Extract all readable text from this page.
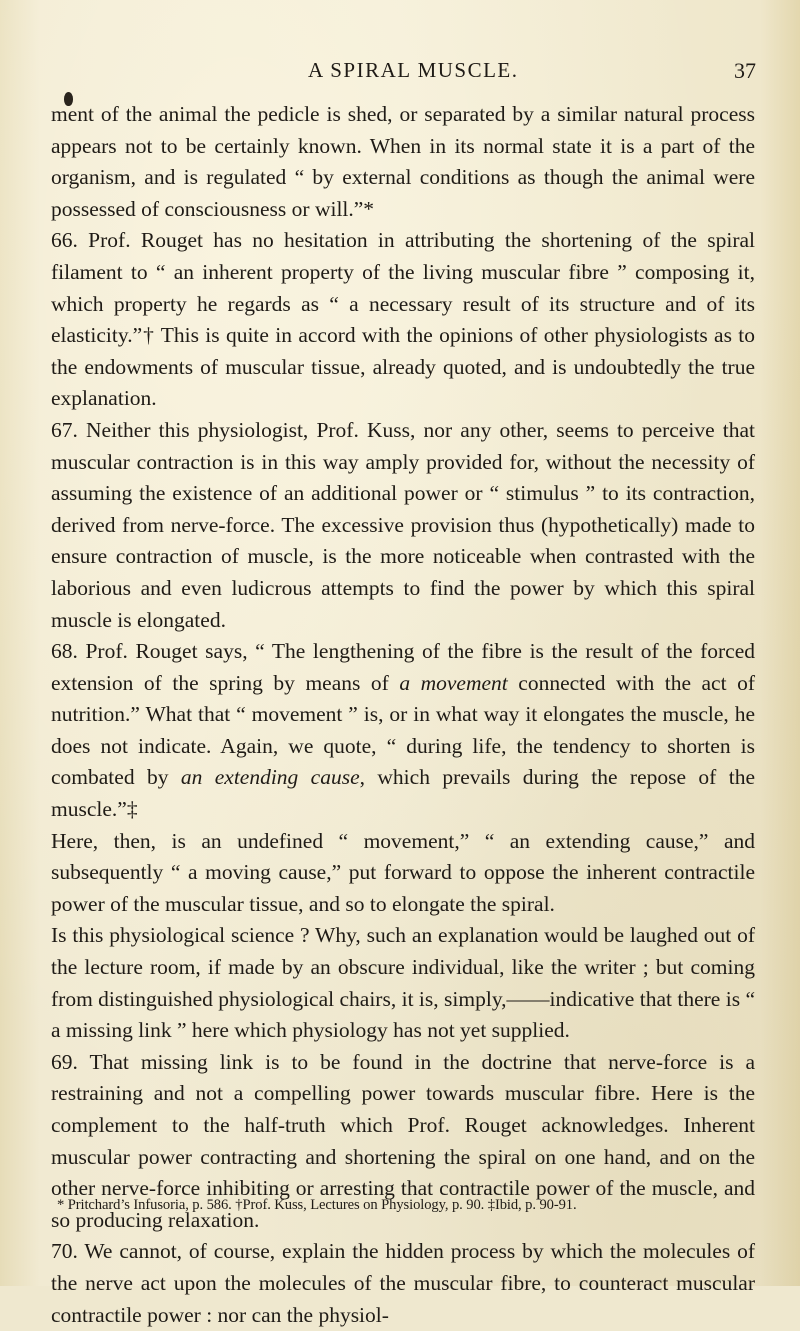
A SPIRAL MUSCLE.	37

ment of the animal the pedicle is shed, or separated by a similar natural process appears not to be certainly known. When in its normal state it is a part of the organism, and is regulated “ by external conditions as though the animal were possessed of consciousness or will.”*

66. Prof. Rouget has no hesitation in attributing the shortening of the spiral filament to “ an inherent property of the living muscular fibre ” composing it, which property he regards as “ a necessary result of its structure and of its elasticity.”† This is quite in accord with the opinions of other physiologists as to the endowments of muscular tissue, already quoted, and is undoubtedly the true explanation.

67. Neither this physiologist, Prof. Kuss, nor any other, seems to perceive that muscular contraction is in this way amply provided for, without the necessity of assuming the existence of an additional power or “ stimulus ” to its contraction, derived from nerve-force. The excessive provision thus (hypothetically) made to ensure contraction of muscle, is the more noticeable when contrasted with the laborious and even ludicrous attempts to find the power by which this spiral muscle is elongated.

68. Prof. Rouget says, “ The lengthening of the fibre is the result of the forced extension of the spring by means of a movement connected with the act of nutrition.” What that “ movement ” is, or in what way it elongates the muscle, he does not indicate. Again, we quote, “ during life, the tendency to shorten is combated by an extending cause, which prevails during the repose of the muscle.”‡

Here, then, is an undefined “ movement,” “ an extending cause,” and subsequently “ a moving cause,” put forward to oppose the inherent contractile power of the muscular tissue, and so to elongate the spiral.

Is this physiological science ? Why, such an explanation would be laughed out of the lecture room, if made by an obscure individual, like the writer ; but coming from distinguished physiological chairs, it is, simply,——indicative that there is “ a missing link ” here which physiology has not yet supplied.

69. That missing link is to be found in the doctrine that nerve-force is a restraining and not a compelling power towards muscular fibre. Here is the complement to the half-truth which Prof. Rouget acknowledges. Inherent muscular power contracting and shortening the spiral on one hand, and on the other nerve-force inhibiting or arresting that contractile power of the muscle, and so producing relaxation.

70. We cannot, of course, explain the hidden process by which the molecules of the nerve act upon the molecules of the muscular fibre, to counteract muscular contractile power : nor can the physiol-

* Pritchard’s Infusoria, p. 586. †Prof. Kuss, Lectures on Physiology, p. 90. ‡Ibid, p. 90-91.
